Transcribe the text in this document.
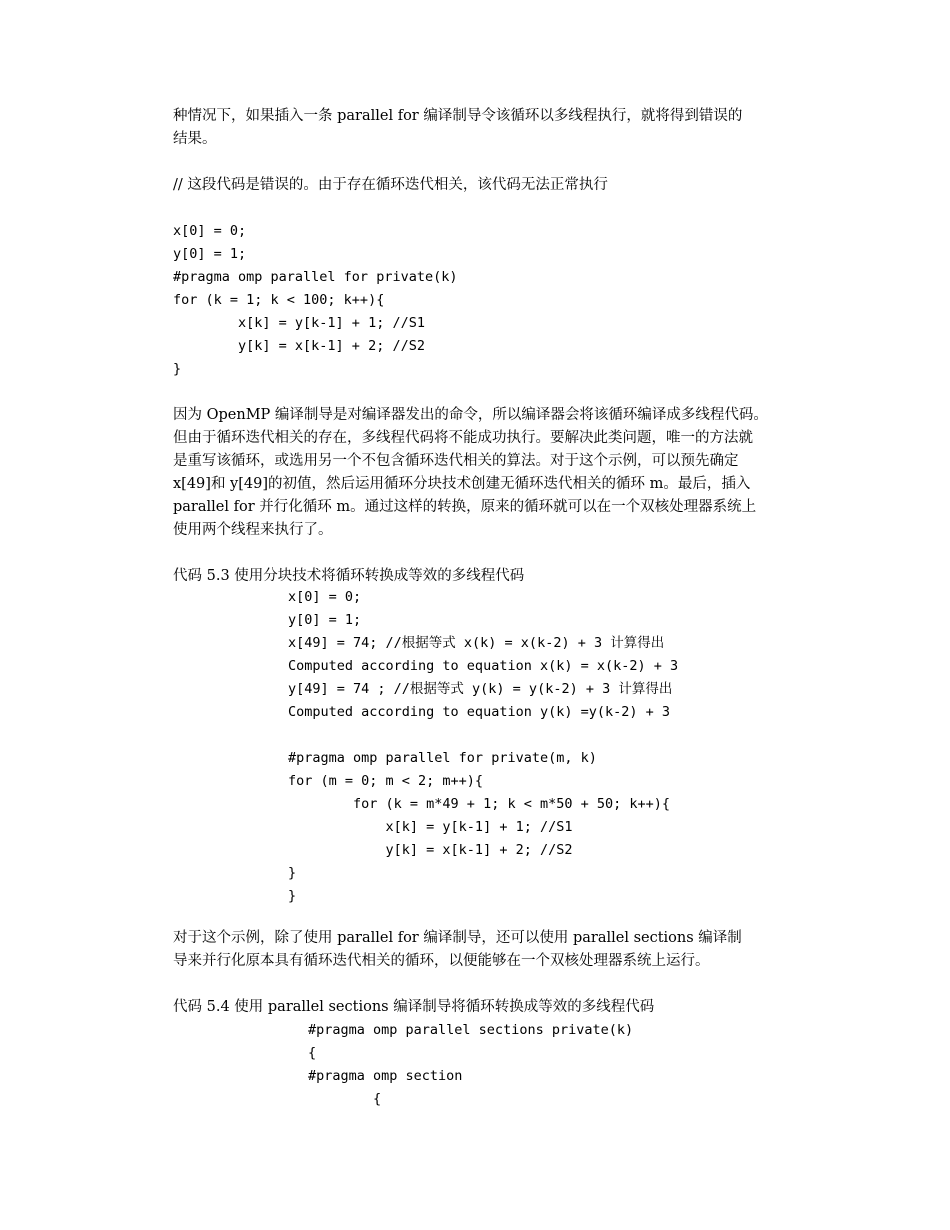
种情况下，如果插入一条 parallel for 编译制导令该循环以多线程执行，就将得到错误的

结果。

// 这段代码是错误的。由于存在循环迭代相关，该代码无法正常执行

x[0] = 0;

y[0] = 1;

#pragma omp parallel for private(k)

for (k = 1; k < 100; k++){

x[k] = y[k-1] + 1; //S1

y[k] = x[k-1] + 2; //S2

}

因为 OpenMP 编译制导是对编译器发出的命令，所以编译器会将该循环编译成多线程代码。

但由于循环迭代相关的存在，多线程代码将不能成功执行。要解决此类问题，唯一的方法就

是重写该循环，或选用另一个不包含循环迭代相关的算法。对于这个示例，可以预先确定

x[49]和 y[49]的初值，然后运用循环分块技术创建无循环迭代相关的循环 m。最后，插入

parallel for 并行化循环 m。通过这样的转换，原来的循环就可以在一个双核处理器系统上

使用两个线程来执行了。

代码 5.3 使用分块技术将循环转换成等效的多线程代码

x[0] = 0;

y[0] = 1;

x[49] = 74; //根据等式 x(k) = x(k-2) + 3 计算得出

Computed according to equation x(k) = x(k-2) + 3

y[49] = 74 ; //根据等式 y(k) = y(k-2) + 3 计算得出

Computed according to equation y(k) =y(k-2) + 3

#pragma omp parallel for private(m, k)

for (m = 0; m < 2; m++){

for (k = m*49 + 1; k < m*50 + 50; k++){

x[k] = y[k-1] + 1; //S1

y[k] = x[k-1] + 2; //S2

}

}

对于这个示例，除了使用 parallel for 编译制导，还可以使用 parallel sections 编译制

导来并行化原本具有循环迭代相关的循环，以便能够在一个双核处理器系统上运行。

代码 5.4 使用 parallel sections 编译制导将循环转换成等效的多线程代码

#pragma omp parallel sections private(k)

{

#pragma omp section

{
